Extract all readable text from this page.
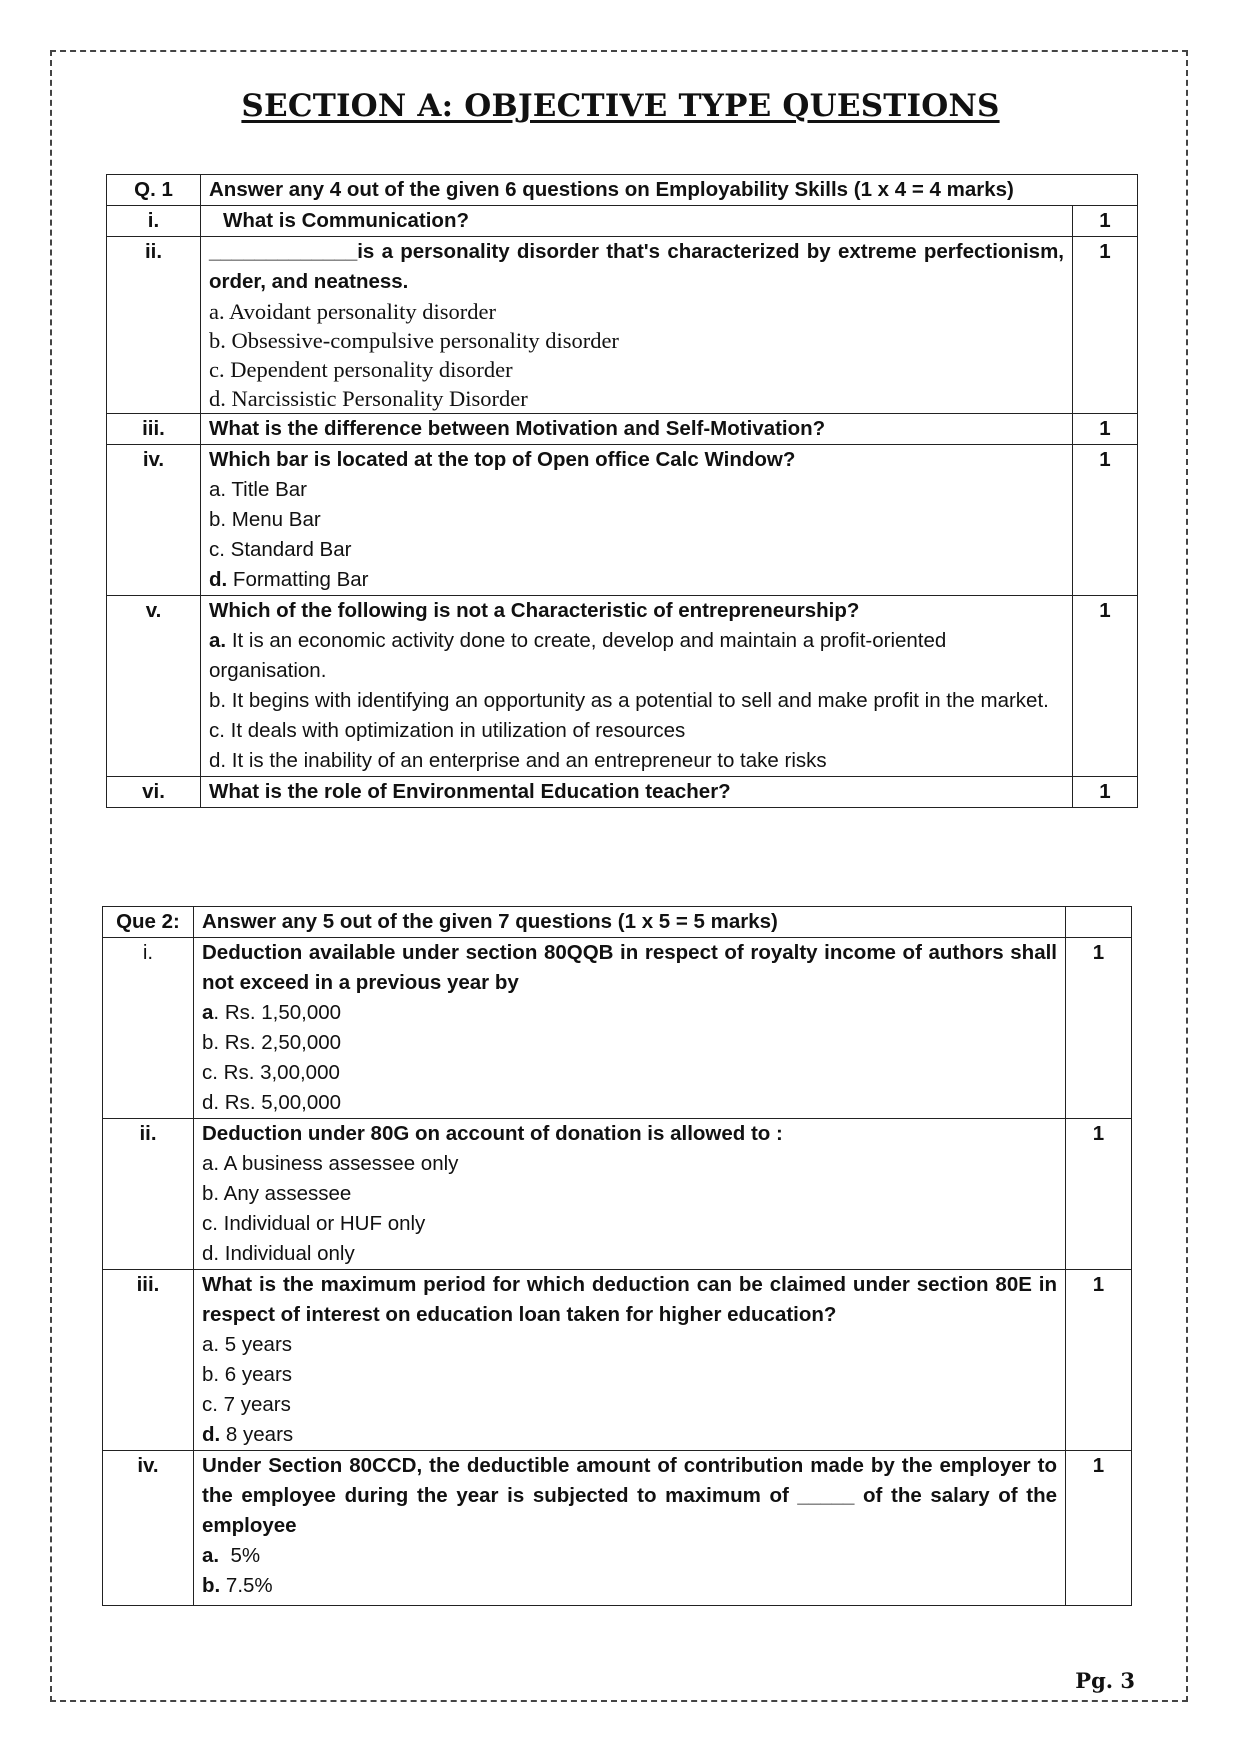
SECTION A: OBJECTIVE TYPE QUESTIONS
Q. 1	Answer any 4 out of the given 6 questions on Employability Skills (1 x 4 = 4 marks)	
i.	What is Communication?	1
ii.	_____________is a personality disorder that's characterized by extreme perfectionism, order, and neatness.
a. Avoidant personality disorder
b. Obsessive-compulsive personality disorder
c. Dependent personality disorder
d. Narcissistic Personality Disorder	1
iii.	What is the difference between Motivation and Self-Motivation?	1
iv.	Which bar is located at the top of Open office Calc Window?
a. Title Bar
b. Menu Bar
c. Standard Bar
d. Formatting Bar	1
v.	Which of the following is not a Characteristic of entrepreneurship?
a. It is an economic activity done to create, develop and maintain a profit-oriented organisation.
b. It begins with identifying an opportunity as a potential to sell and make profit in the market.
c. It deals with optimization in utilization of resources
d. It is the inability of an enterprise and an entrepreneur to take risks	1
vi.	What is the role of Environmental Education teacher?	1
Que 2:	Answer any 5 out of the given 7 questions (1 x 5 = 5 marks)	
i.	Deduction available under section 80QQB in respect of royalty income of authors shall not exceed in a previous year by
a. Rs. 1,50,000
b. Rs. 2,50,000
c. Rs. 3,00,000
d. Rs. 5,00,000	1
ii.	Deduction under 80G on account of donation is allowed to :
a. A business assessee only
b. Any assessee
c. Individual or HUF only
d. Individual only	1
iii.	What is the maximum period for which deduction can be claimed under section 80E in respect of interest on education loan taken for higher education?
a. 5 years
b. 6 years
c. 7 years
d. 8 years	1
iv.	Under Section 80CCD, the deductible amount of contribution made by the employer to the employee during the year is subjected to maximum of _____ of the salary of the employee
a. 5%
b. 7.5%	1
Pg. 3
